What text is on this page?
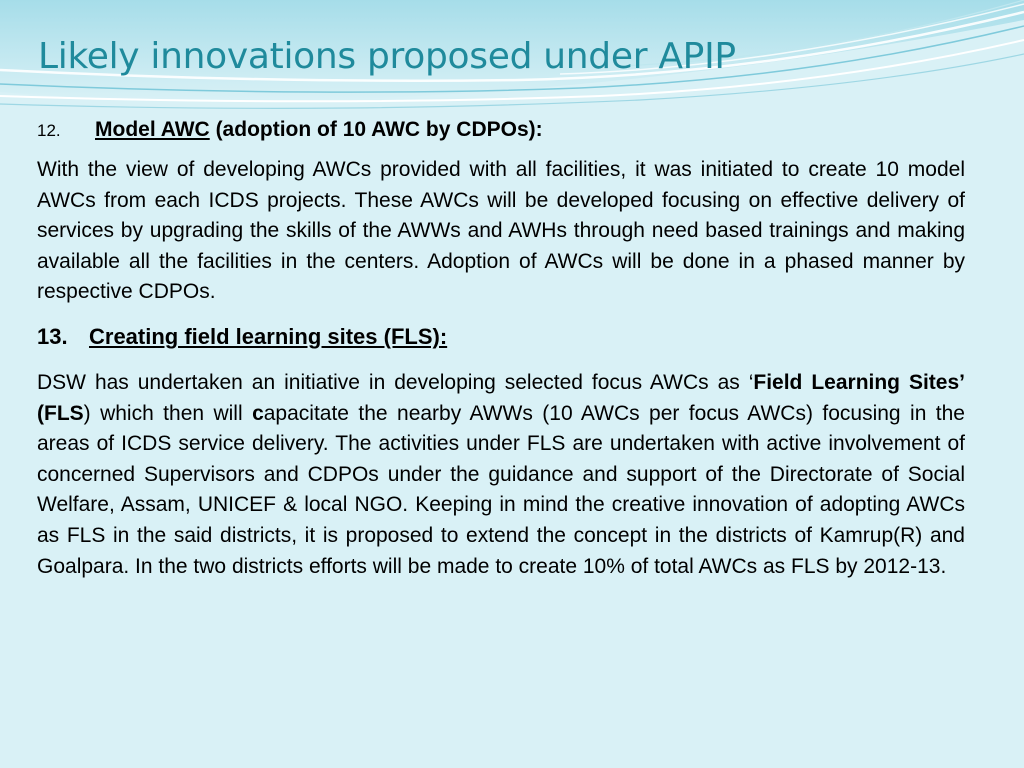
Likely innovations proposed under APIP

12. Model AWC (adoption of 10 AWC by CDPOs):

With the view of developing AWCs provided with all facilities, it was initiated to create 10 model AWCs from each ICDS projects. These AWCs will be developed focusing on effective delivery of services by upgrading the skills of the AWWs and AWHs through need based trainings and making available all the facilities in the centers. Adoption of AWCs will be done in a phased manner by respective CDPOs.

13. Creating field learning sites (FLS):

DSW has undertaken an initiative in developing selected focus AWCs as ‘Field Learning Sites’ (FLS) which then will capacitate the nearby AWWs (10 AWCs per focus AWCs) focusing in the areas of ICDS service delivery. The activities under FLS are undertaken with active involvement of concerned Supervisors and CDPOs under the guidance and support of the Directorate of Social Welfare, Assam, UNICEF & local NGO. Keeping in mind the creative innovation of adopting AWCs as FLS in the said districts, it is proposed to extend the concept in the districts of Kamrup(R) and Goalpara. In the two districts efforts will be made to create 10% of total AWCs as FLS by 2012-13.
